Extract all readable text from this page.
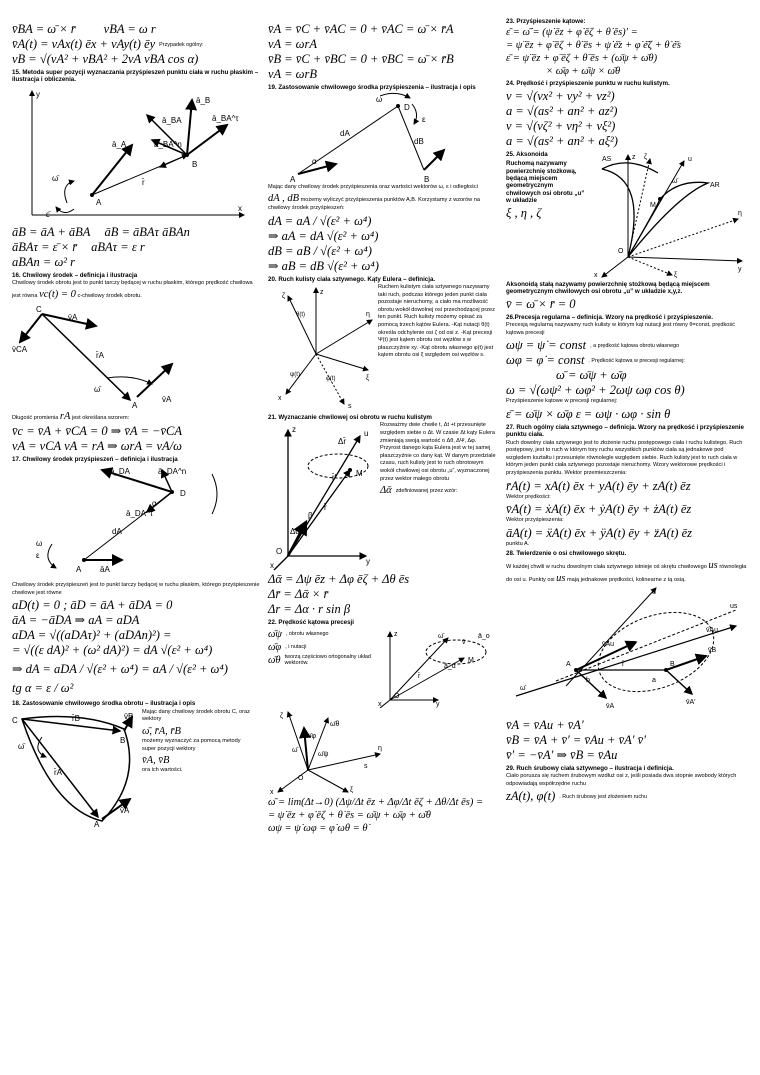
v̄BA = ω̄ × r̄ vBA = ω r

v̄A(t) = vAx(t) ēx + vAy(t) ēy Przypadek ogólny:

vB = √(vA² + vBA² + 2vA vBA cos α)

15. Metoda super pozycji wyznaczania przyśpieszeń punktu ciała w ruchu płaskim – ilustracja i obliczenia.

y
x
B
A
ā_B
ā_A
ā_BA	ā_BA^τ
ā_BA^n
r̄
ω̄
ε̄

āB = āA + āBA āB = āBAτ āBAn

āBAτ = ε̄ × r̄ aBAτ = ε r

aBAn = ω² r

16. Chwilowy środek – definicja i ilustracja

Chwilowy środek obrotu jest to punkt tarczy będącej w ruchu płaskim, którego prędkość chwilowa jest równa vc(t) = 0 c-chwilowy środek obrotu.

C
v̄A
v̄CA
r̄A
ω̄
A
v̄A

Długość promienia rA jest określana wzorem:

v̄c = v̄A + v̄CA = 0 ⇒ v̄A = −v̄CA

vA = vCA vA = rA ⇒ ωrA = vA/ω

17. Chwilowy środek przyśpieszeń – definicja i ilustracja

D
ā_DA	ā_DA^n
ā_DA^τ
α
dA
ω
ε
A āA

Chwilowy środek przyśpieszeń jest to punkt tarczy będącej w ruchu płaskim, którego przyśpieszenie chwilowe jest równe

aD(t) = 0 ; āD = āA + āDA = 0

āA = −āDA ⇒ aA = aDA

aDA = √((aDAτ)² + (aDAn)²) =

= √((ε dA)² + (ω² dA)²) = dA √(ε² + ω⁴)

⇒ dA = aDA / √(ε² + ω⁴) = aA / √(ε² + ω⁴)

tg α = ε / ω²

18. Zastosowanie chwilowego środka obrotu – ilustracja i opis

C	r̄B	v̄B
B
ω̄
r̄A
A
v̄A

Mając dany chwilowy środek obrotu C, oraz wektory

ω̄, r̄A, r̄B

możemy wyznaczyć za pomocą metody super pozycji wektory

v̄A, v̄B

ora ich wartości.

v̄A = v̄C + v̄AC = 0 + v̄AC = ω̄ × r̄A

vA = ωrA

v̄B = v̄C + v̄BC = 0 + v̄BC = ω̄ × r̄B

vA = ωrB

19. Zastosowanie chwilowego środka przyśpieszenia – ilustracja i opis

ω
D
ε
dA
dB
A	B
α

Mając dany chwilowy środek przyśpieszenia oraz wartości wektorów ω, ε i odległości dA , dB możemy wyliczyć przyśpieszenia punktów A,B. Korzystamy z wzorów na chwilowy środek przyśpieszeń:

dA = aA / √(ε² + ω⁴)

⇒ aA = dA √(ε² + ω⁴)

dB = aB / √(ε² + ω⁴)

⇒ aB = dB √(ε² + ω⁴)

20. Ruch kulisty ciała sztywnego. Kąty Eulera – definicja.

z
ζ
θ(t)	η
ξ
x
ψ(t)
φ(t)
s

Ruchem kulistym ciała sztywnego nazywamy taki ruch, podczas którego jeden punkt ciała pozostaje nieruchomy, a ciało ma możliwość obrotu wokół dowolnej osi przechodzącej przez ten punkt. Ruch kulisty możemy opisać za pomocą trzech kątów Eulera. -Kąt nutacji θ(t) określa odchylenie osi ζ od osi z. -Kąt precesji Ψ(t) jest kątem obrotu osi węzłów s w płaszczyźnie xy. -Kąt obrotu własnego φ(t) jest kątem obrotu osi ξ względem osi węzłów s.

21. Wyznaczanie chwilowej osi obrotu w ruchu kulistym

z	u
Δr̄
r̄′ M
r̄
β
Δᾱ
O
y
x

Rozważmy dwie chwile t, Δt +t przesunięte względem siebie o Δt. W czasie Δt kąty Eulera zmieniają swoją wartość o Δθ, ΔΨ, Δφ. Przyrost danego kąta Eulera jest w tej samej płaszczyźnie co dany kąt. W danym przedziale czasu, ruch kulisty jest to ruch obrotowym wokół chwilowej osi obrotu „u”, wyznaczonej przez wektor małego obrotu

Δᾱ zdefiniowanej przez wzór:

Δᾱ = Δψ ēz + Δφ ēζ + Δθ ēs

Δr̄ = Δᾱ × r̄

Δr = Δα · r sin β

22. Prędkość kątowa precesji

ω̄ψ , obrotu własnego
ω̄φ , i nutacji
ω̄θ tworzą częściowo ortogonalny układ wektorów.
z
v̄
ω̄	ā_o
ā_d
M
r̄
O
y
x
ζ
ω̄φ
ω̄θ
ω̄ψ
ω̄
O
η
ξ
s
x

ω̄ = lim(Δt→0) (Δψ/Δt ēz + Δφ/Δt ēζ + Δθ/Δt ēs) =

= ψ̇ ēz + φ̇ ēζ + θ̇ ēs = ω̄ψ + ω̄φ + ω̄θ

ωψ = ψ̇ ωφ = φ̇ ωθ = θ̇

23. Przyśpieszenie kątowe:

ε̄ = ω̄̇ = (ψ̇ ēz + φ̇ ēζ + θ̇ ēs)′ =

= ψ̈ ēz + φ̈ ēζ + θ̈ ēs + ψ̇ ė̄z + φ̇ ė̄ζ + θ̇ ė̄s

ε̄ = ψ̈ ēz + φ̈ ēζ + θ̈ ēs + (ω̄ψ + ω̄θ)

× ω̄φ + ω̄ψ × ω̄θ

24. Prędkość i przyśpieszenie punktu w ruchu kulistym.

v = √(vx² + vy² + vz²)

a = √(as² + an² + az²)

v = √(vζ² + vη² + vξ²)

a = √(as² + an² + aξ²)

25. Aksonoida

Ruchomą nazywamy powierzchnię stożkową, będącą miejscem geometrycznym chwilowych osi obrotu „u” w układzie

ξ , η , ζ

AS	ζ
z	u
ω̄
AR
M
η
O
y
x	ξ

Aksonoidą stałą nazywamy powierzchnię stożkową będącą miejscem geometrycznym chwilowych osi obrotu „u” w układzie x,y,z.

v̄ = ω̄ × r̄ = 0

26.Precesja regularna – definicja. Wzory na prędkość i przyśpieszenie.

Precesją regularną nazywamy ruch kulisty w którym kąt nutacji jest równy θ=const, prędkość kątowa precesji

ωψ = ψ̇ = const , a prędkość kątowa obrotu własnego
ωφ = φ̇ = const . Prędkość kątowa w precesji regularnej:

ω̄ = ω̄ψ + ω̄φ

ω = √(ωψ² + ωφ² + 2ωψ ωφ cos θ)

Przyśpieszenie kątowe w precesji regularnej:

ε̄ = ω̄ψ × ω̄φ ε = ωψ · ωφ · sin θ

27. Ruch ogólny ciała sztywnego – definicja. Wzory na prędkość i przyśpieszenie punktu ciała.

Ruch dowolny ciała sztywnego jest to złożenie ruchu postępowego ciała i ruchu kulistego. Ruch postępowy, jest to ruch w którym tory ruchu wszystkich punktów ciała są jednakowe pod względem kształtu i przesunięte równolegle względem siebie. Ruch kulisty jest to ruch ciała w którym jeden punkt ciała sztywnego pozostaje nieruchomy. Wzory wektorowe prędkości i przyśpieszenia punktu. Wektor przemieszczenia:

r̄A(t) = xA(t) ēx + yA(t) ēy + zA(t) ēz

Wektor prędkości:

v̄A(t) = ẋA(t) ēx + ẏA(t) ēy + żA(t) ēz

Wektor przyśpieszenia:

āA(t) = ẍA(t) ēx + ÿA(t) ēy + z̈A(t) ēz

punktu A.

28. Twierdzenie o osi chwilowego skrętu.

W każdej chwili w ruchu dowolnym ciała sztywnego istnieje oś skrętu chwilowego us równoległa do osi u. Punkty osi us mają jednakowe prędkości, kolinearne z tą osią.

u
us
v̄Au
A	B
r̄
v̄A′
v̄B
v̄A
ω̄
v̄Au
b	a

v̄A = v̄Au + v̄A′

v̄B = v̄A + v̄′ = v̄Au + v̄A′ v̄′

v̄′ = −v̄A′ ⇒ v̄B = v̄Au

29. Ruch śrubowy ciała sztywnego – ilustracja i definicja.

Ciało porusza się ruchem śrubowym wzdłuż osi z, jeśli posiada dwa stopnie swobody których odpowiadają współrzędne ruchu

zA(t), φ(t) . Ruch śrubowy jest złożeniem ruchu
